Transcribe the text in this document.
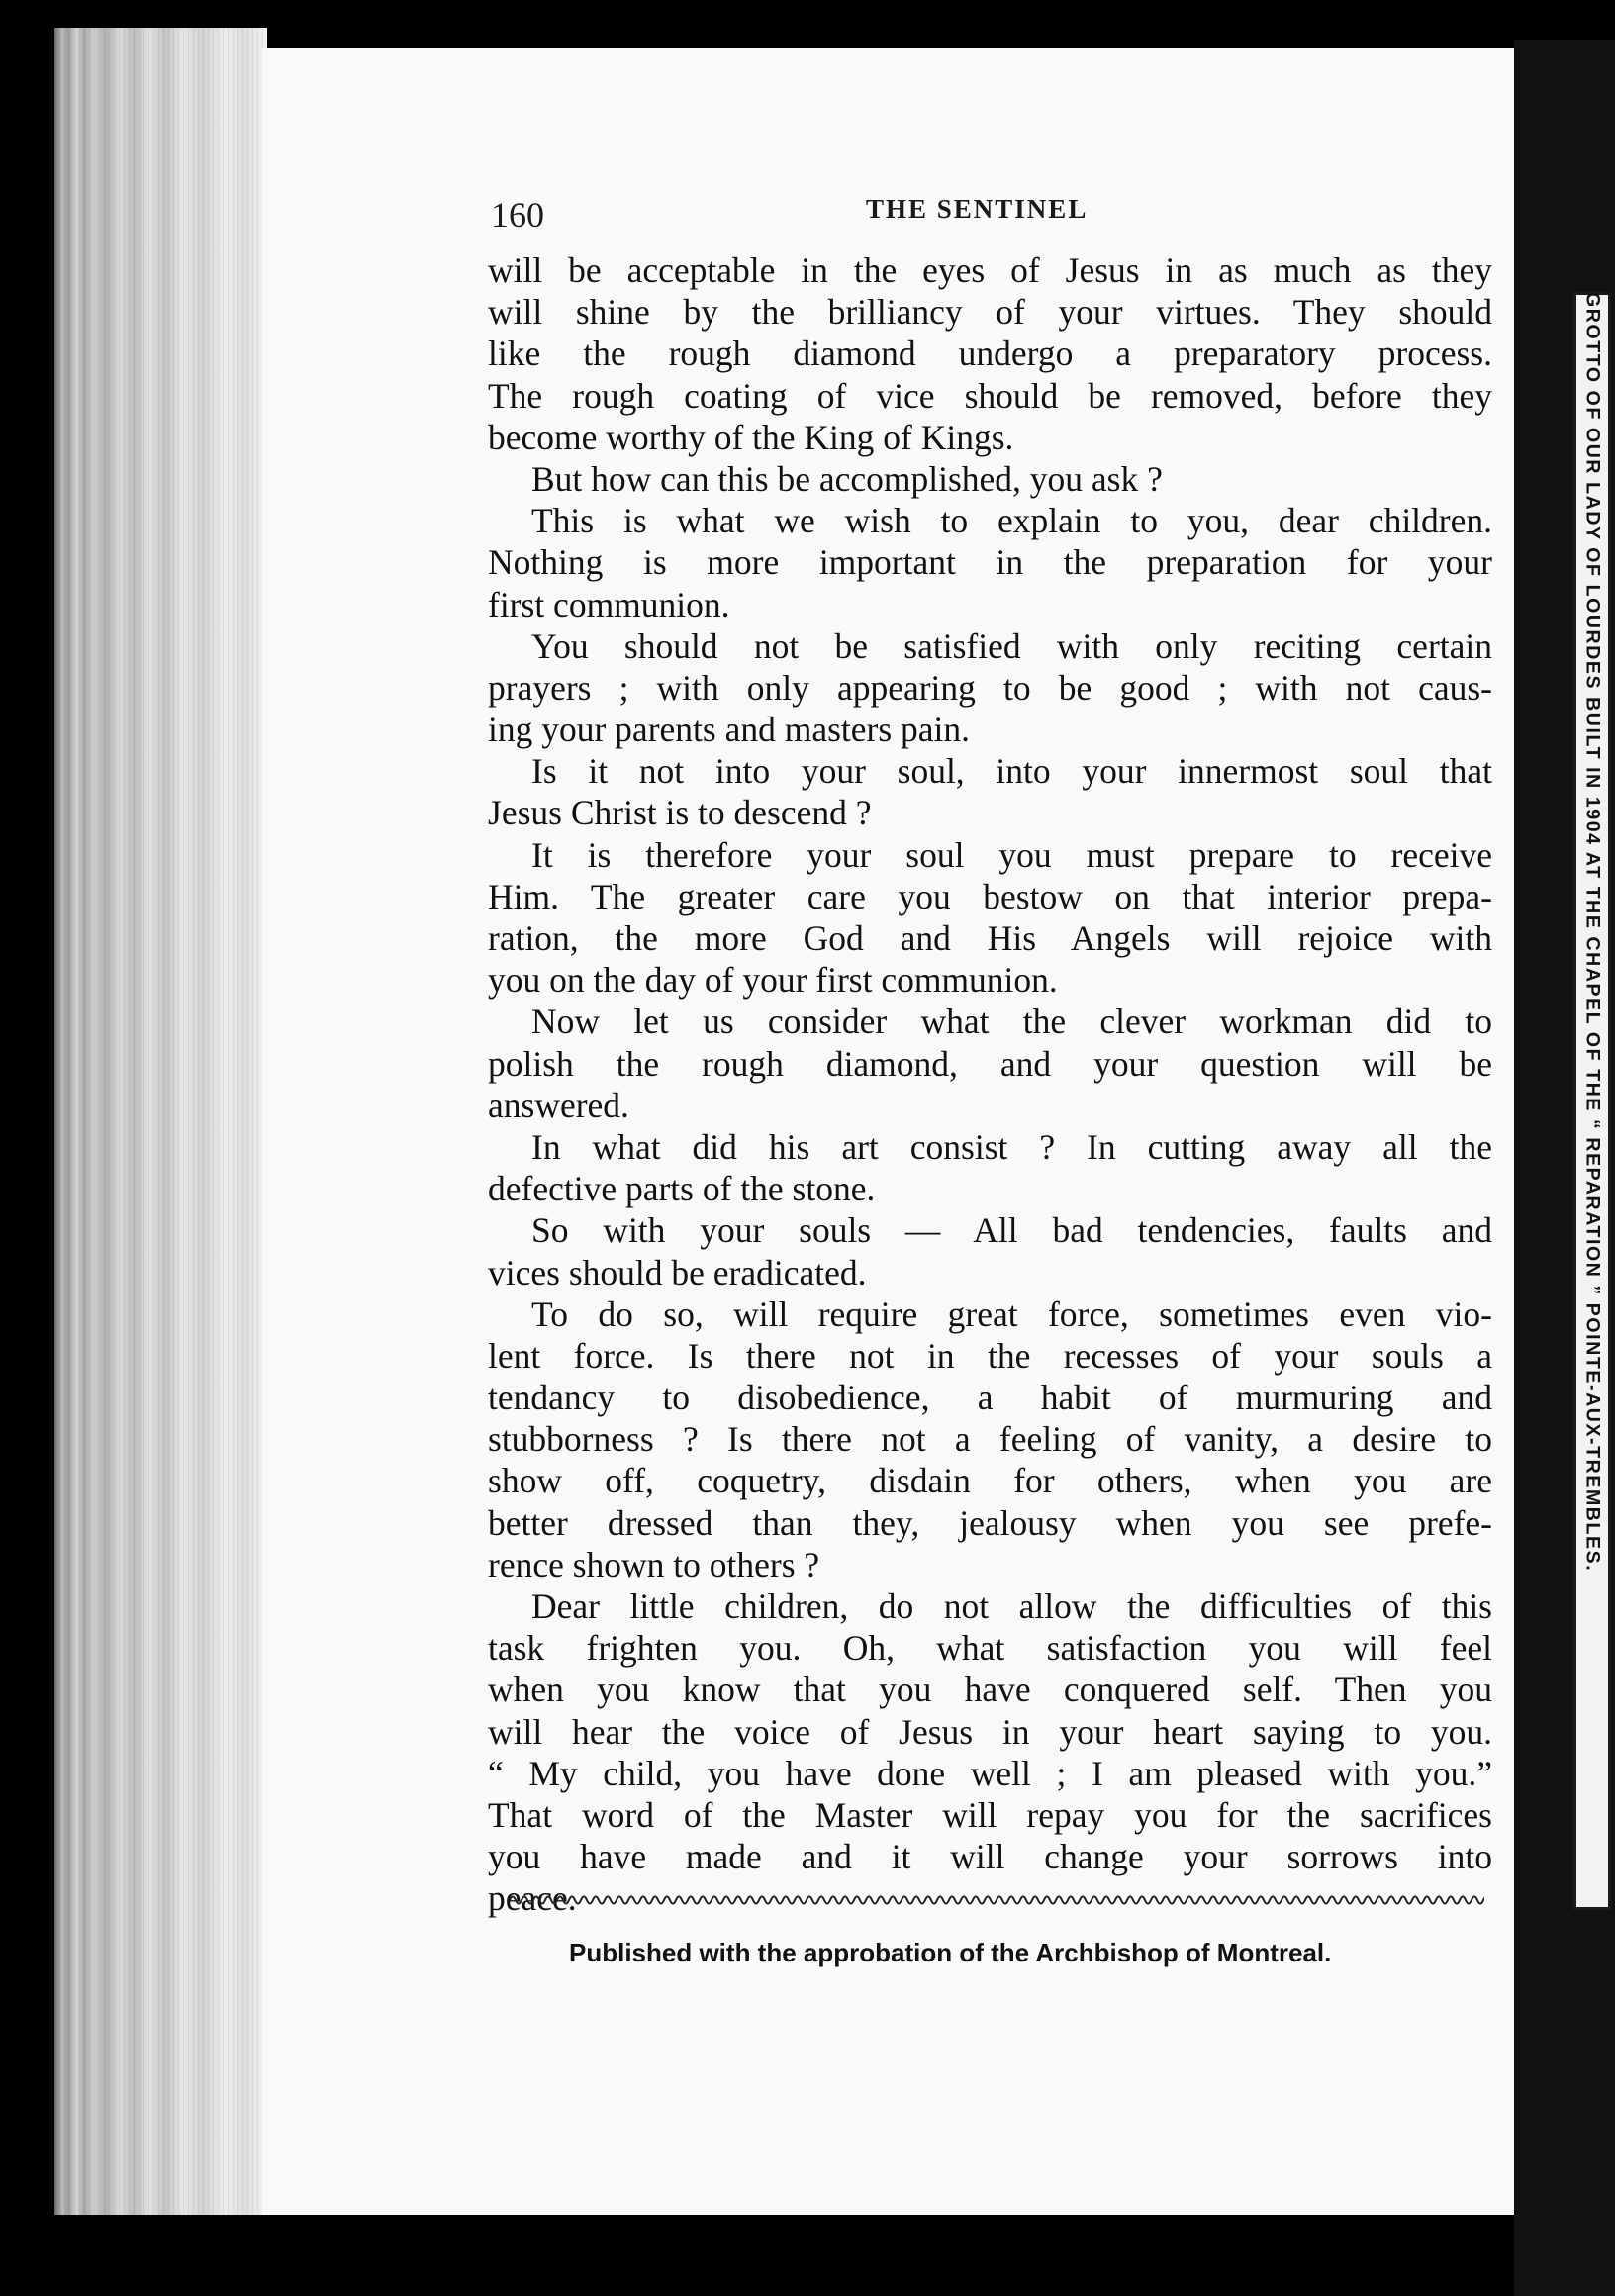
GROTTO OF OUR LADY OF LOURDES BUILT IN 1904 AT THE CHAPEL OF THE “ REPARATION ” POINTE-AUX-TREMBLES.
160	THE SENTINEL
will be acceptable in the eyes of Jesus in as much as they
will shine by the brilliancy of your virtues. They should
like the rough diamond undergo a preparatory process.
The rough coating of vice should be removed, before they
become worthy of the King of Kings.
But how can this be accomplished, you ask ?
This is what we wish to explain to you, dear children.
Nothing is more important in the preparation for your
first communion.
You should not be satisfied with only reciting certain
prayers ; with only appearing to be good ; with not caus-
ing your parents and masters pain.
Is it not into your soul, into your innermost soul that
Jesus Christ is to descend ?
It is therefore your soul you must prepare to receive
Him. The greater care you bestow on that interior prepa-
ration, the more God and His Angels will rejoice with
you on the day of your first communion.
Now let us consider what the clever workman did to
polish the rough diamond, and your question will be
answered.
In what did his art consist ? In cutting away all the
defective parts of the stone.
So with your souls — All bad tendencies, faults and
vices should be eradicated.
To do so, will require great force, sometimes even vio-
lent force. Is there not in the recesses of your souls a
tendancy to disobedience, a habit of murmuring and
stubborness ? Is there not a feeling of vanity, a desire to
show off, coquetry, disdain for others, when you are
better dressed than they, jealousy when you see prefe-
rence shown to others ?
Dear little children, do not allow the difficulties of this
task frighten you. Oh, what satisfaction you will feel
when you know that you have conquered self. Then you
will hear the voice of Jesus in your heart saying to you.
“ My child, you have done well ; I am pleased with you.”
That word of the Master will repay you for the sacrifices
you have made and it will change your sorrows into
peace.
Published with the approbation of the Archbishop of Montreal.
